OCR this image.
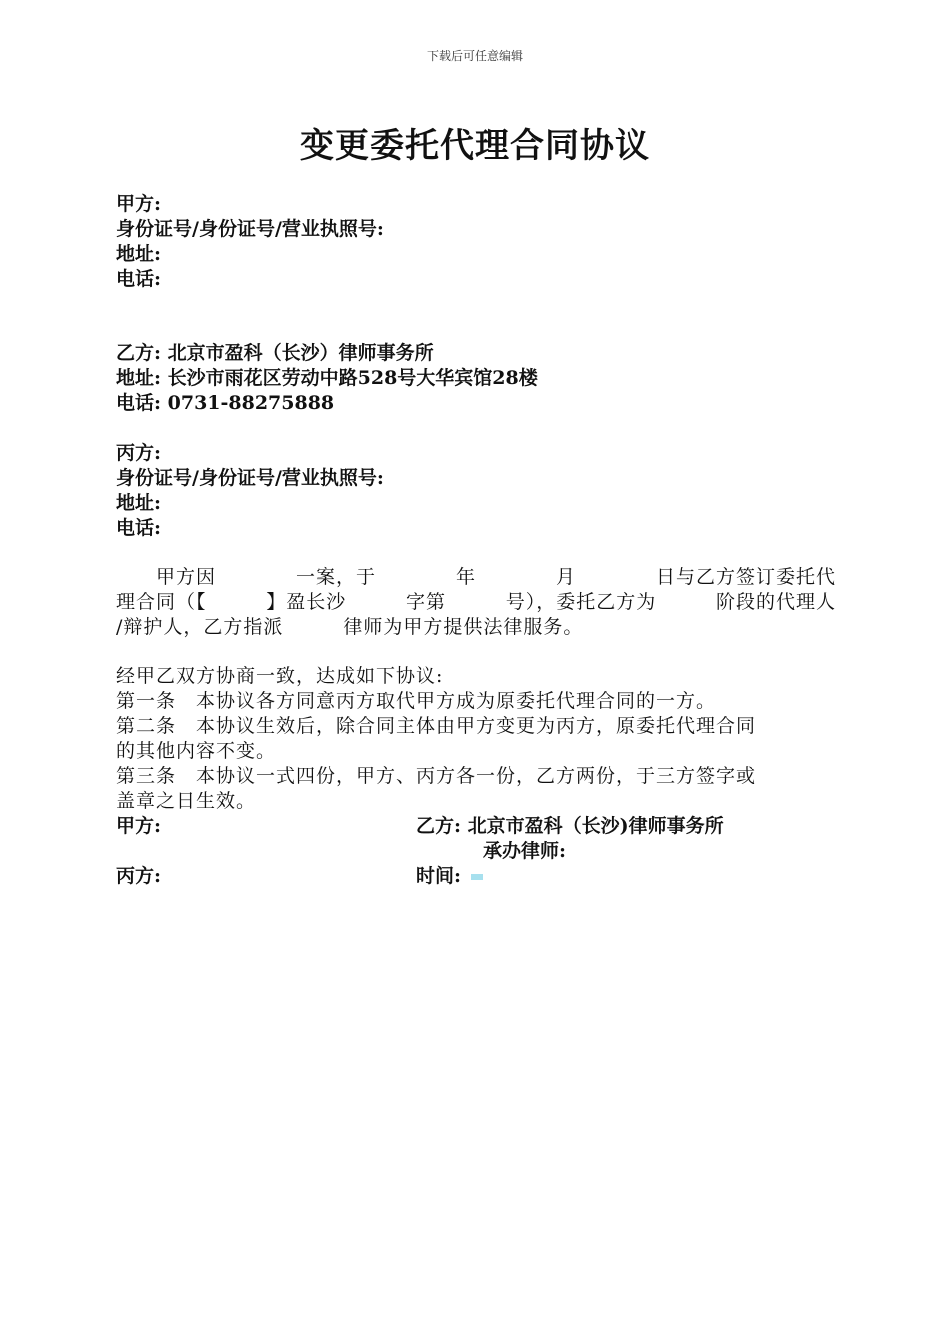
下载后可任意编辑
变更委托代理合同协议
甲方:
身份证号/身份证号/营业执照号:
地址:
电话:
乙方: 北京市盈科（长沙）律师事务所
地址: 长沙市雨花区劳动中路528号大华宾馆28楼
电话: 0731-88275888
丙方:
身份证号/身份证号/营业执照号:
地址:
电话:
　　甲方因	一案，于	年	月	日与乙方签订委托代
理合同（【	】盈长沙	字第	号），委托乙方为	阶段的代理人
/辩护人，乙方指派　　　律师为甲方提供法律服务。
经甲乙双方协商一致，达成如下协议:
第一条　本协议各方同意丙方取代甲方成为原委托代理合同的一方。
第二条　本协议生效后，除合同主体由甲方变更为丙方，原委托代理合同
的其他内容不变。
第三条　本协议一式四份，甲方、丙方各一份，乙方两份，于三方签字或
盖章之日生效。
甲方:	乙方: 北京市盈科（长沙)律师事务所
承办律师:
丙方:	时间:
